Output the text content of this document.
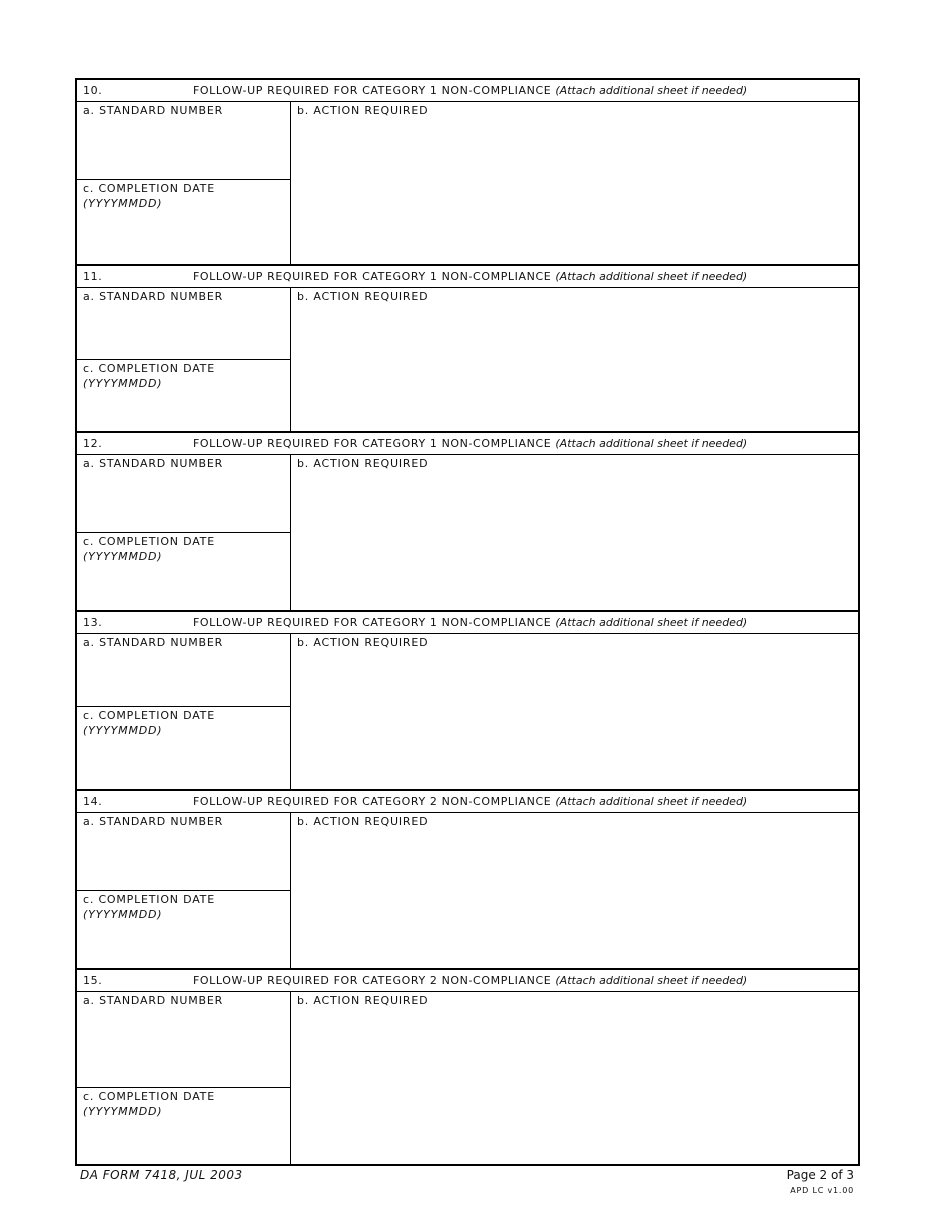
10.	FOLLOW-UP REQUIRED FOR CATEGORY 1 NON-COMPLIANCE (Attach additional sheet if needed)
a. STANDARD NUMBER
c. COMPLETION DATE
(YYYYMMDD)
b. ACTION REQUIRED
11.	FOLLOW-UP REQUIRED FOR CATEGORY 1 NON-COMPLIANCE (Attach additional sheet if needed)
a. STANDARD NUMBER
c. COMPLETION DATE
(YYYYMMDD)
b. ACTION REQUIRED
12.	FOLLOW-UP REQUIRED FOR CATEGORY 1 NON-COMPLIANCE (Attach additional sheet if needed)
a. STANDARD NUMBER
c. COMPLETION DATE
(YYYYMMDD)
b. ACTION REQUIRED
13.	FOLLOW-UP REQUIRED FOR CATEGORY 1 NON-COMPLIANCE (Attach additional sheet if needed)
a. STANDARD NUMBER
c. COMPLETION DATE
(YYYYMMDD)
b. ACTION REQUIRED
14.	FOLLOW-UP REQUIRED FOR CATEGORY 2 NON-COMPLIANCE (Attach additional sheet if needed)
a. STANDARD NUMBER
c. COMPLETION DATE
(YYYYMMDD)
b. ACTION REQUIRED
15.	FOLLOW-UP REQUIRED FOR CATEGORY 2 NON-COMPLIANCE (Attach additional sheet if needed)
a. STANDARD NUMBER
c. COMPLETION DATE
(YYYYMMDD)
b. ACTION REQUIRED
DA FORM 7418, JUL 2003	Page 2 of 3
APD LC v1.00
